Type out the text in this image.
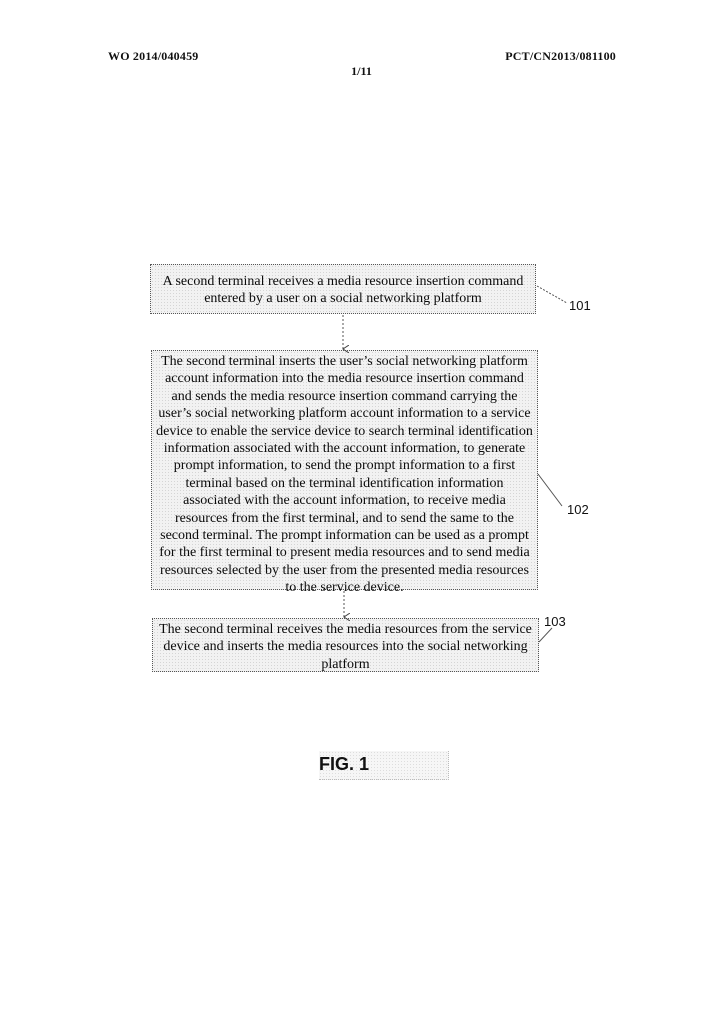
WO 2014/040459	PCT/CN2013/081100
1/11
A second terminal receives a media resource insertion command entered by a user on a social networking platform
The second terminal inserts the user’s social networking platform account information into the media resource insertion command and sends the media resource insertion command carrying the user’s social networking platform account information to a service device to enable the service device to search terminal identification information associated with the account information, to generate prompt information, to send the prompt information to a first terminal based on the terminal identification information associated with the account information, to receive media resources from the first terminal, and to send the same to the second terminal. The prompt information can be used as a prompt for the first terminal to present media resources and to send media resources selected by the user from the presented media resources to the service device.
The second terminal receives the media resources from the service device and inserts the media resources into the social networking platform
101
102
103
FIG. 1
